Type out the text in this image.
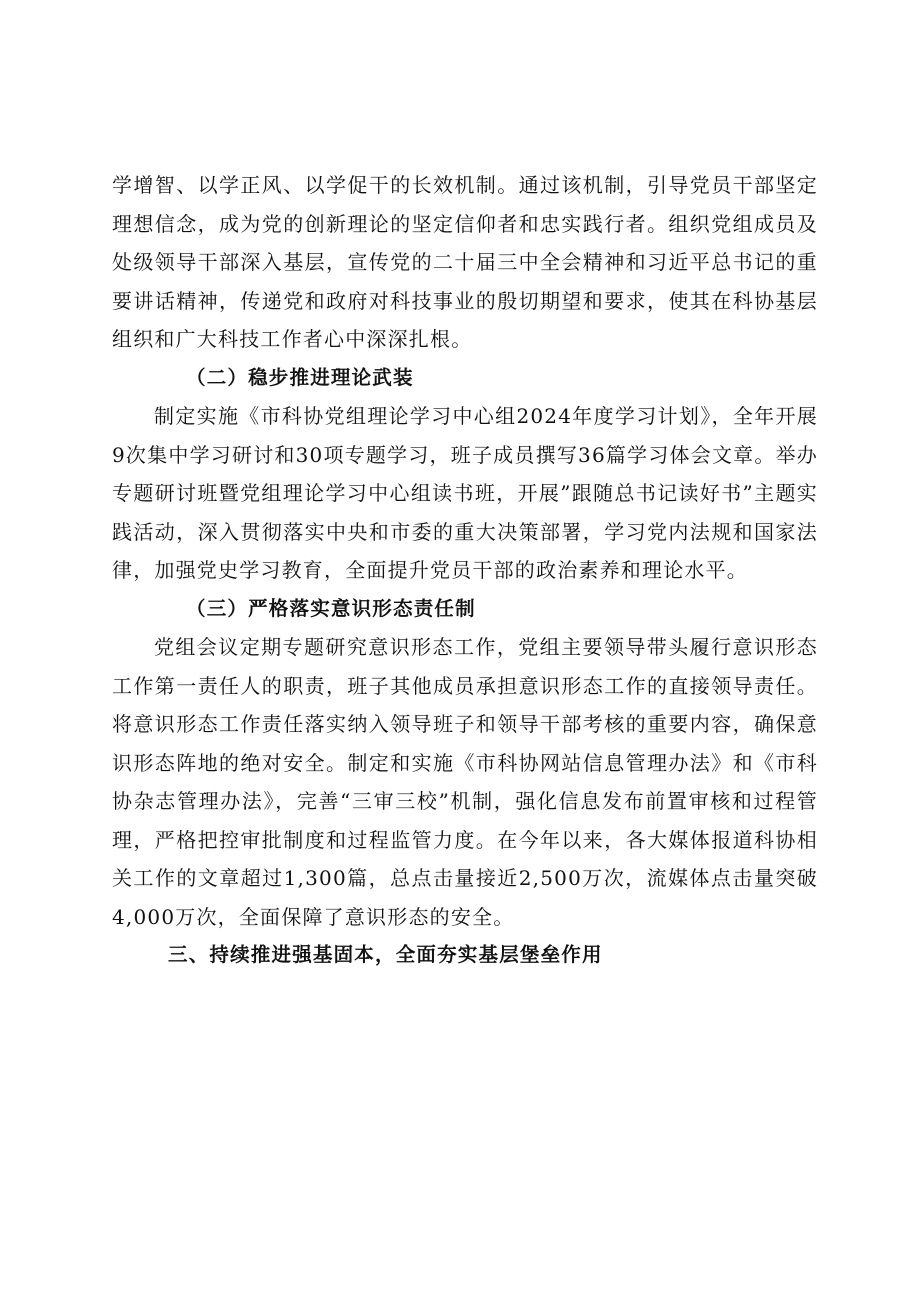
学增智、以学正风、以学促干的长效机制。通过该机制，引导党员干部坚定理想信念，成为党的创新理论的坚定信仰者和忠实践行者。组织党组成员及处级领导干部深入基层，宣传党的二十届三中全会精神和习近平总书记的重要讲话精神，传递党和政府对科技事业的殷切期望和要求，使其在科协基层组织和广大科技工作者心中深深扎根。

（二）稳步推进理论武装

制定实施《市科协党组理论学习中心组2024年度学习计划》，全年开展9次集中学习研讨和30项专题学习，班子成员撰写36篇学习体会文章。举办专题研讨班暨党组理论学习中心组读书班，开展”跟随总书记读好书”主题实践活动，深入贯彻落实中央和市委的重大决策部署，学习党内法规和国家法律，加强党史学习教育，全面提升党员干部的政治素养和理论水平。

（三）严格落实意识形态责任制

党组会议定期专题研究意识形态工作，党组主要领导带头履行意识形态工作第一责任人的职责，班子其他成员承担意识形态工作的直接领导责任。将意识形态工作责任落实纳入领导班子和领导干部考核的重要内容，确保意识形态阵地的绝对安全。制定和实施《市科协网站信息管理办法》和《市科协杂志管理办法》，完善“三审三校”机制，强化信息发布前置审核和过程管理，严格把控审批制度和过程监管力度。在今年以来，各大媒体报道科协相关工作的文章超过1,300篇，总点击量接近2,500万次，流媒体点击量突破4,000万次，全面保障了意识形态的安全。

三、持续推进强基固本，全面夯实基层堡垒作用
